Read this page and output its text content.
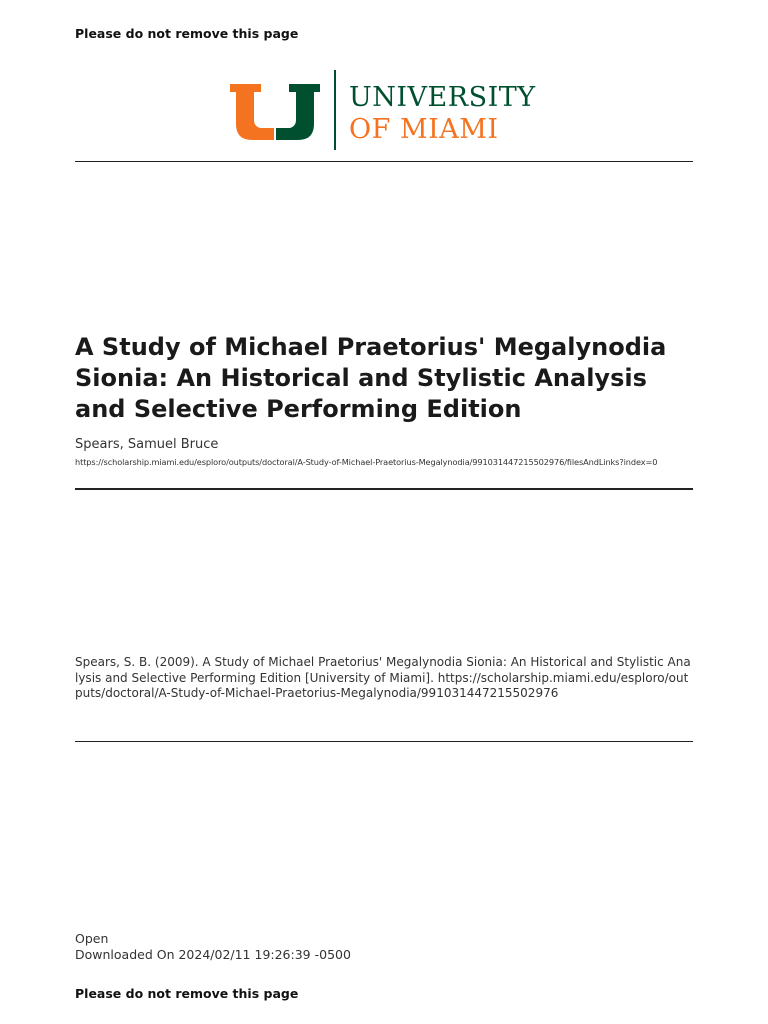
Please do not remove this page
UNIVERSITY
OF MIAMI
A Study of Michael Praetorius' Megalynodia Sionia: An Historical and Stylistic Analysis and Selective Performing Edition
Spears, Samuel Bruce
https://scholarship.miami.edu/esploro/outputs/doctoral/A-Study-of-Michael-Praetorius-Megalynodia/991031447215502976/filesAndLinks?index=0
Spears, S. B. (2009). A Study of Michael Praetorius' Megalynodia Sionia: An Historical and Stylistic Analysis and Selective Performing Edition [University of Miami]. https://scholarship.miami.edu/esploro/outputs/doctoral/A-Study-of-Michael-Praetorius-Megalynodia/991031447215502976
Open
Downloaded On 2024/02/11 19:26:39 -0500
Please do not remove this page
